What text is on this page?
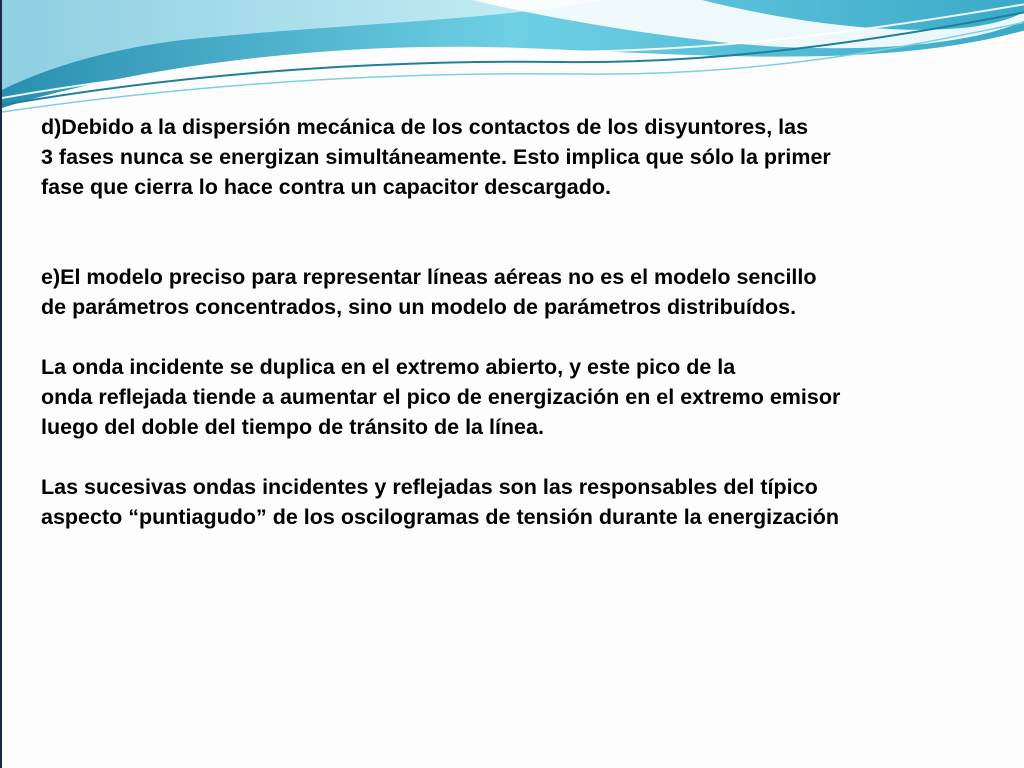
d)Debido a la dispersión mecánica de los contactos de los disyuntores, las
3 fases nunca se energizan simultáneamente. Esto implica que sólo la primer
fase que cierra lo hace contra un capacitor descargado.

e)El modelo preciso para representar líneas aéreas no es el modelo sencillo
de parámetros concentrados, sino un modelo de parámetros distribuídos.

La onda incidente se duplica en el extremo abierto, y este pico de la
onda reflejada tiende a aumentar el pico de energización en el extremo emisor
luego del doble del tiempo de tránsito de la línea.

Las sucesivas ondas incidentes y reflejadas son las responsables del típico
aspecto “puntiagudo” de los oscilogramas de tensión durante la energización
